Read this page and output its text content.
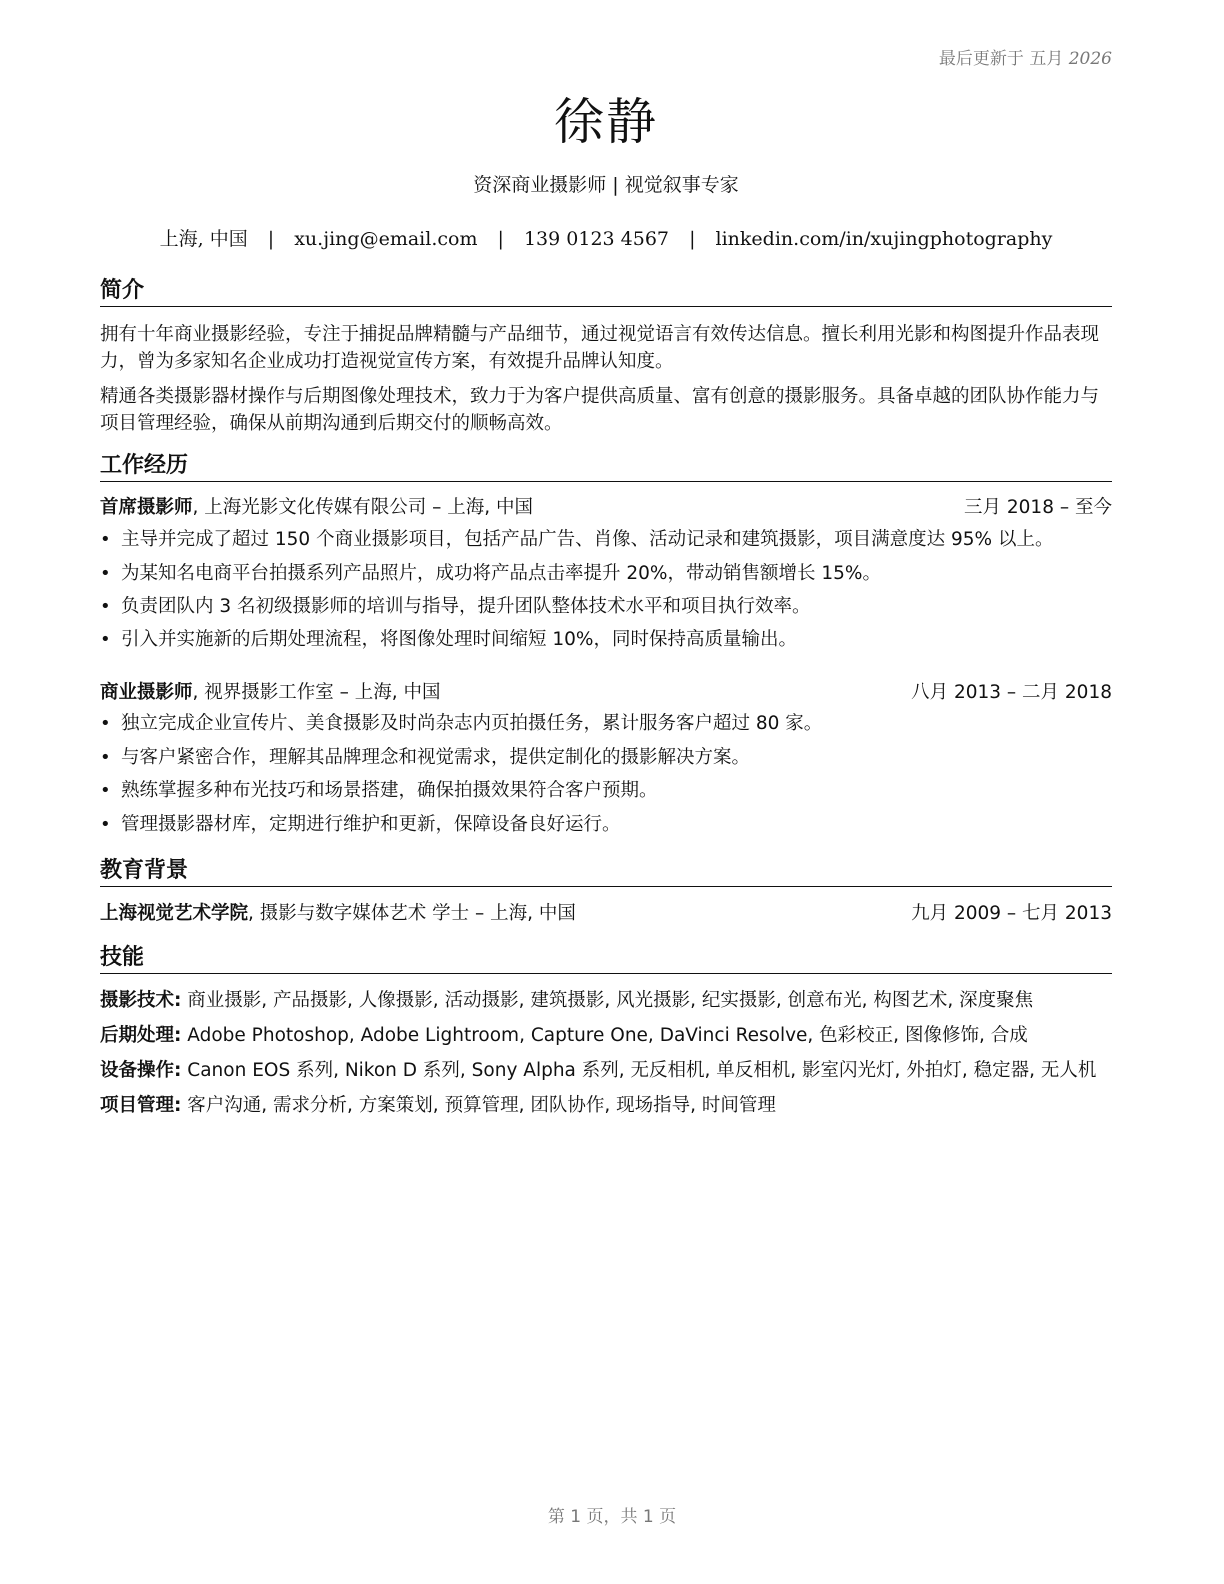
最后更新于 五月 2026
徐静
资深商业摄影师 | 视觉叙事专家
上海, 中国 | xu.jing@email.com | 139 0123 4567 | linkedin.com/in/xujingphotography
简介
拥有十年商业摄影经验，专注于捕捉品牌精髓与产品细节，通过视觉语言有效传达信息。擅长利用光影和构图提升作品表现力，曾为多家知名企业成功打造视觉宣传方案，有效提升品牌认知度。
精通各类摄影器材操作与后期图像处理技术，致力于为客户提供高质量、富有创意的摄影服务。具备卓越的团队协作能力与项目管理经验，确保从前期沟通到后期交付的顺畅高效。
工作经历
首席摄影师, 上海光影文化传媒有限公司 – 上海, 中国	三月 2018 – 至今
• 主导并完成了超过 150 个商业摄影项目，包括产品广告、肖像、活动记录和建筑摄影，项目满意度达 95% 以上。
• 为某知名电商平台拍摄系列产品照片，成功将产品点击率提升 20%，带动销售额增长 15%。
• 负责团队内 3 名初级摄影师的培训与指导，提升团队整体技术水平和项目执行效率。
• 引入并实施新的后期处理流程，将图像处理时间缩短 10%，同时保持高质量输出。
商业摄影师, 视界摄影工作室 – 上海, 中国	八月 2013 – 二月 2018
• 独立完成企业宣传片、美食摄影及时尚杂志内页拍摄任务，累计服务客户超过 80 家。
• 与客户紧密合作，理解其品牌理念和视觉需求，提供定制化的摄影解决方案。
• 熟练掌握多种布光技巧和场景搭建，确保拍摄效果符合客户预期。
• 管理摄影器材库，定期进行维护和更新，保障设备良好运行。
教育背景
上海视觉艺术学院, 摄影与数字媒体艺术 学士 – 上海, 中国	九月 2009 – 七月 2013
技能
摄影技术: 商业摄影, 产品摄影, 人像摄影, 活动摄影, 建筑摄影, 风光摄影, 纪实摄影, 创意布光, 构图艺术, 深度聚焦
后期处理: Adobe Photoshop, Adobe Lightroom, Capture One, DaVinci Resolve, 色彩校正, 图像修饰, 合成
设备操作: Canon EOS 系列, Nikon D 系列, Sony Alpha 系列, 无反相机, 单反相机, 影室闪光灯, 外拍灯, 稳定器, 无人机
项目管理: 客户沟通, 需求分析, 方案策划, 预算管理, 团队协作, 现场指导, 时间管理
第 1 页，共 1 页
